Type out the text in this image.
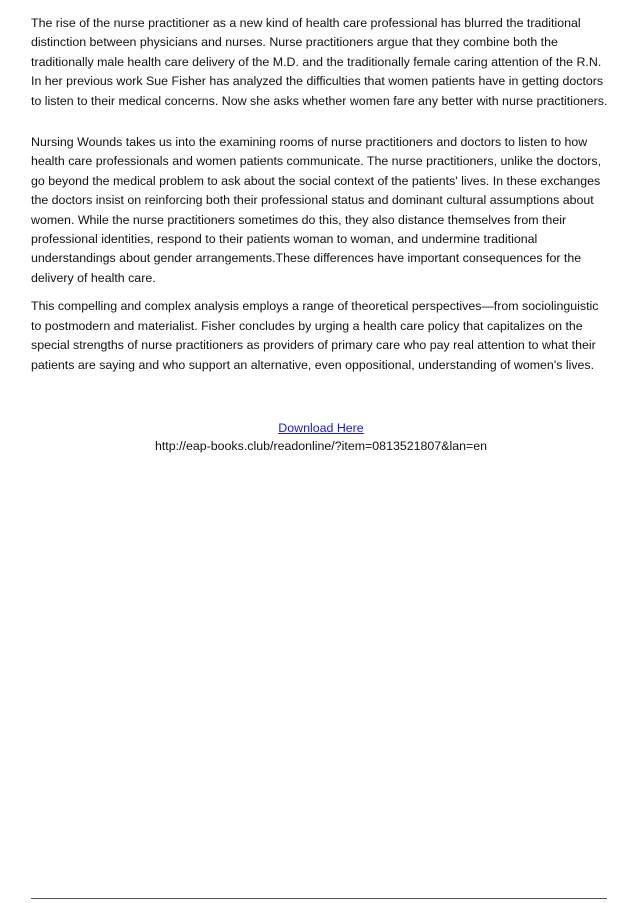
The rise of the nurse practitioner as a new kind of health care professional has blurred the traditional distinction between physicians and nurses. Nurse practitioners argue that they combine both the traditionally male health care delivery of the M.D. and the traditionally female caring attention of the R.N. In her previous work Sue Fisher has analyzed the difficulties that women patients have in getting doctors to listen to their medical concerns. Now she asks whether women fare any better with nurse practitioners.

Nursing Wounds takes us into the examining rooms of nurse practitioners and doctors to listen to how health care professionals and women patients communicate. The nurse practitioners, unlike the doctors, go beyond the medical problem to ask about the social context of the patients' lives. In these exchanges the doctors insist on reinforcing both their professional status and dominant cultural assumptions about women. While the nurse practitioners sometimes do this, they also distance themselves from their professional identities, respond to their patients woman to woman, and undermine traditional understandings about gender arrangements.These differences have important consequences for the delivery of health care.

This compelling and complex analysis employs a range of theoretical perspectives—from sociolinguistic to postmodern and materialist. Fisher concludes by urging a health care policy that capitalizes on the special strengths of nurse practitioners as providers of primary care who pay real attention to what their patients are saying and who support an alternative, even oppositional, understanding of women's lives.

Download Here
http://eap-books.club/readonline/?item=0813521807&lan=en
